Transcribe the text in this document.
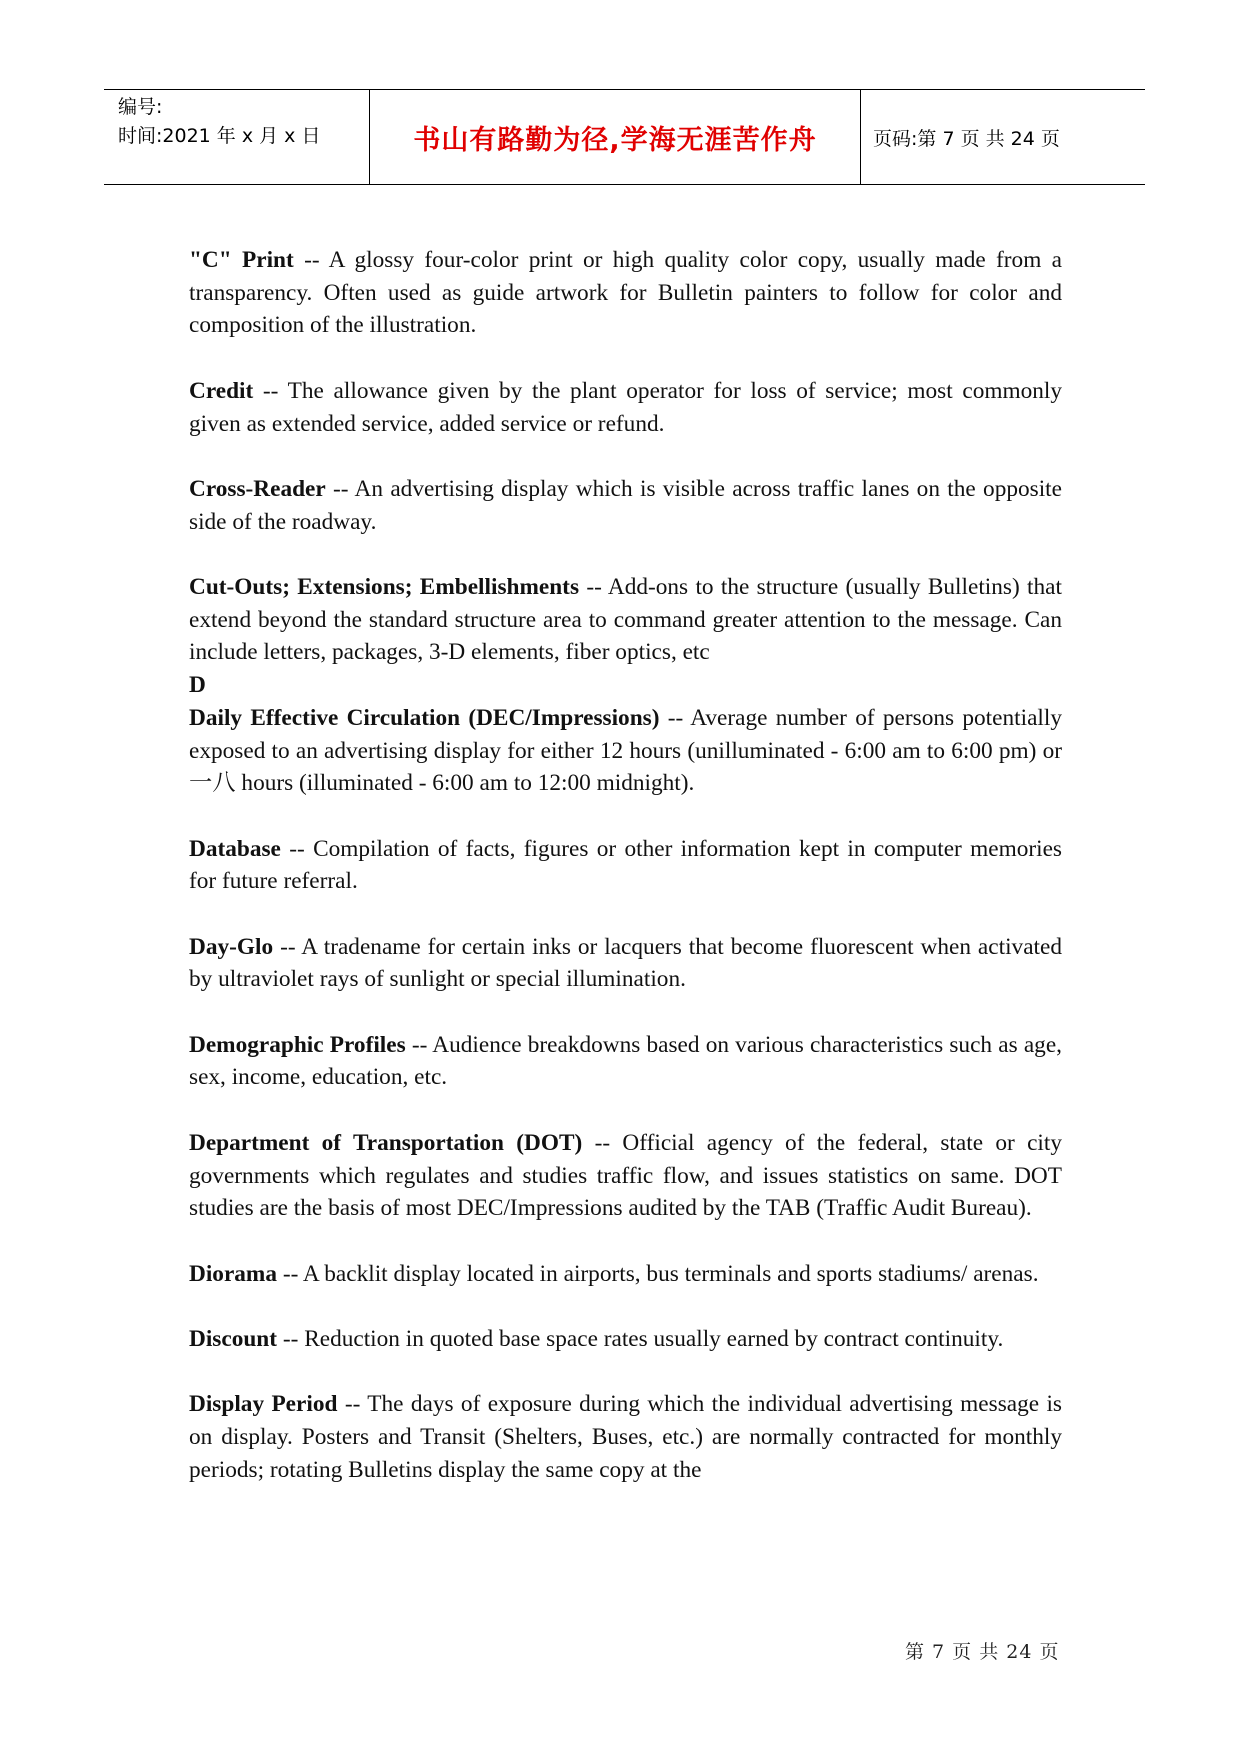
编号:
时间:2021 年 x 月 x 日	书山有路勤为径,学海无涯苦作舟	页码:第 7 页 共 24 页

"C" Print -- A glossy four-color print or high quality color copy, usually made from a transparency. Often used as guide artwork for Bulletin painters to follow for color and composition of the illustration.

Credit -- The allowance given by the plant operator for loss of service; most commonly given as extended service, added service or refund.

Cross-Reader -- An advertising display which is visible across traffic lanes on the opposite side of the roadway.

Cut-Outs; Extensions; Embellishments -- Add-ons to the structure (usually Bulletins) that extend beyond the standard structure area to command greater attention to the message. Can include letters, packages, 3-D elements, fiber optics, etc

D

Daily Effective Circulation (DEC/Impressions) -- Average number of persons potentially exposed to an advertising display for either 12 hours (unilluminated - 6:00 am to 6:00 pm) or 一八 hours (illuminated - 6:00 am to 12:00 midnight).

Database -- Compilation of facts, figures or other information kept in computer memories for future referral.

Day-Glo -- A tradename for certain inks or lacquers that become fluorescent when activated by ultraviolet rays of sunlight or special illumination.

Demographic Profiles -- Audience breakdowns based on various characteristics such as age, sex, income, education, etc.

Department of Transportation (DOT) -- Official agency of the federal, state or city governments which regulates and studies traffic flow, and issues statistics on same. DOT studies are the basis of most DEC/Impressions audited by the TAB (Traffic Audit Bureau).

Diorama -- A backlit display located in airports, bus terminals and sports stadiums/ arenas.

Discount -- Reduction in quoted base space rates usually earned by contract continuity.

Display Period -- The days of exposure during which the individual advertising message is on display. Posters and Transit (Shelters, Buses, etc.) are normally contracted for monthly periods; rotating Bulletins display the same copy at the

第 7 页 共 24 页
